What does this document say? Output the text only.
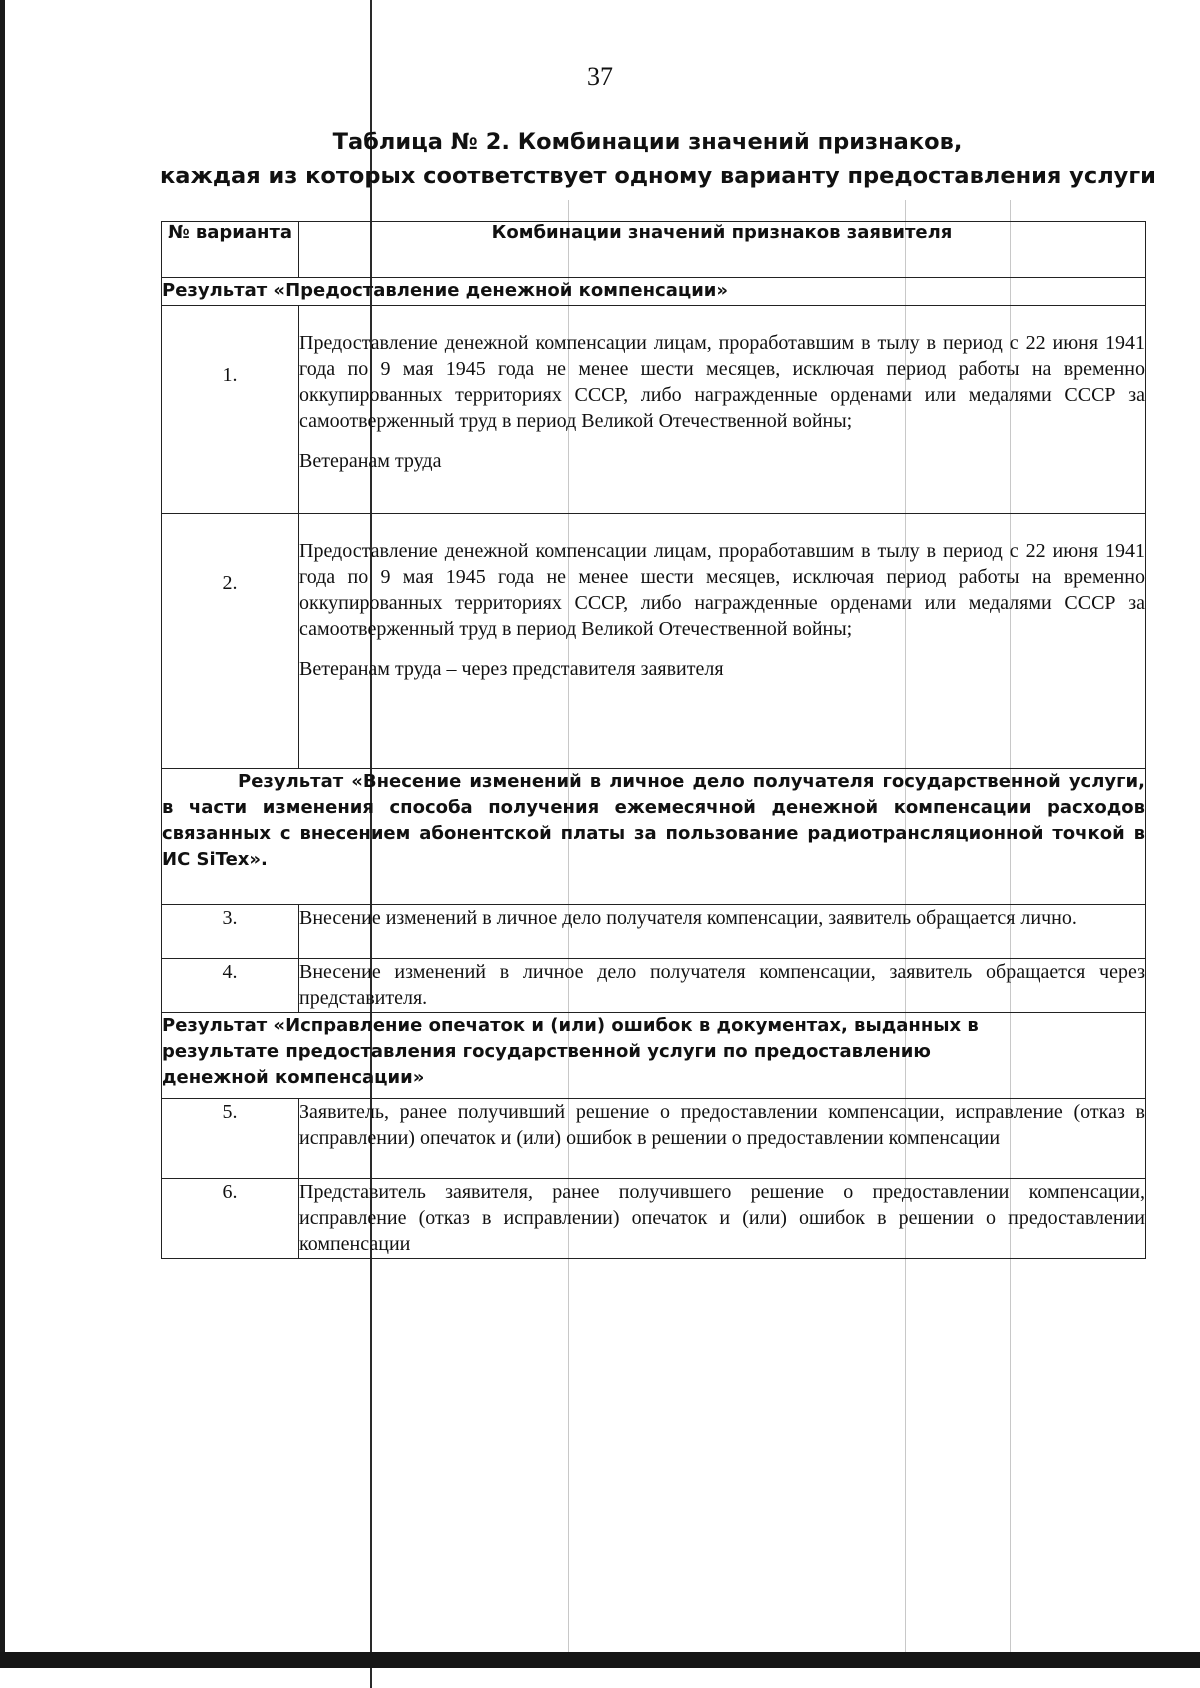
37
Таблица № 2. Комбинации значений признаков,
каждая из которых соответствует одному варианту предоставления услуги
№ варианта	Комбинации значений признаков заявителя
Результат «Предоставление денежной компенсации»	
1.	Предоставление денежной компенсации лицам, проработавшим в тылу в период с 22 июня 1941 года по 9 мая 1945 года не менее шести месяцев, исключая период работы на временно оккупированных территориях СССР, либо награжденные орденами или медалями СССР за самоотверженный труд в период Великой Отечественной войны;

Ветеранам труда

2.	Предоставление денежной компенсации лицам, проработавшим в тылу в период с 22 июня 1941 года по 9 мая 1945 года не менее шести месяцев, исключая период работы на временно оккупированных территориях СССР, либо награжденные орденами или медалями СССР за самоотверженный труд в период Великой Отечественной войны;

Ветеранам труда – через представителя заявителя

Результат «Внесение изменений в личное дело получателя государственной услуги, в части изменения способа получения ежемесячной денежной компенсации расходов связанных с внесением абонентской платы за пользование радиотрансляционной точкой в ИС SiTex».	

3.	Внесение изменений в личное дело получателя компенсации, заявитель обращается лично.
4.	Внесение изменений в личное дело получателя компенсации, заявитель обращается через представителя.

Результат «Исправление опечаток и (или) ошибок в документах, выданных в результате предоставления государственной услуги по предоставлению денежной компенсации»	

5.	Заявитель, ранее получивший решение о предоставлении компенсации, исправление (отказ в исправлении) опечаток и (или) ошибок в решении о предоставлении компенсации
6.	Представитель заявителя, ранее получившего решение о предоставлении компенсации, исправление (отказ в исправлении) опечаток и (или) ошибок в решении о предоставлении компенсации
